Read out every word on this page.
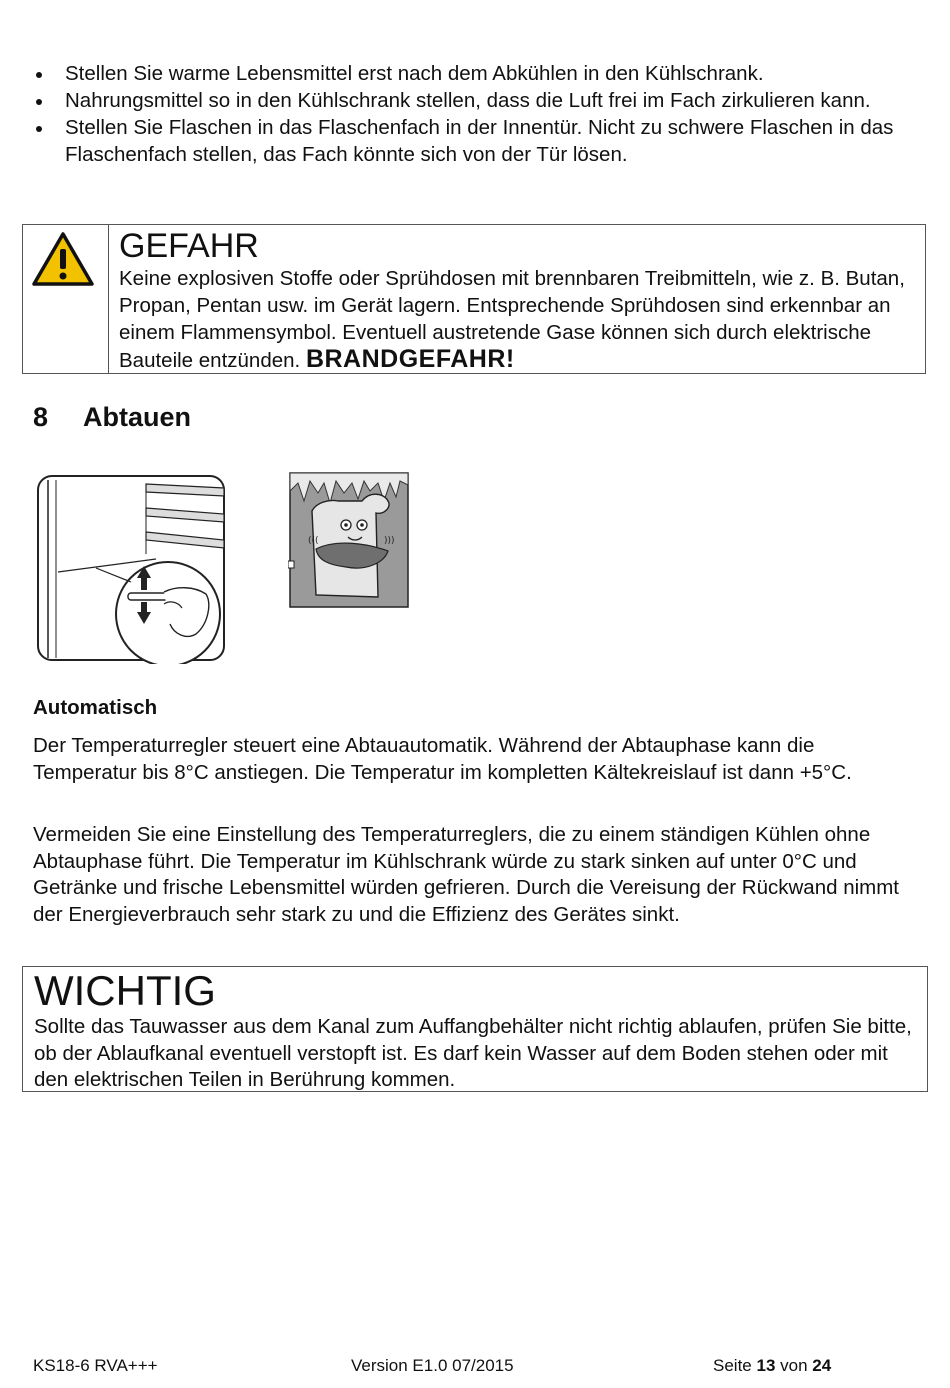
Stellen Sie warme Lebensmittel erst nach dem Abkühlen in den Kühlschrank.
Nahrungsmittel so in den Kühlschrank stellen, dass die Luft frei im Fach zirkulieren kann.
Stellen Sie Flaschen in das Flaschenfach in der Innentür. Nicht zu schwere Flaschen in das Flaschenfach stellen, das Fach könnte sich von der Tür lösen.
GEFAHR
Keine explosiven Stoffe oder Sprühdosen mit brennbaren Treibmitteln, wie z. B. Butan, Propan, Pentan usw. im Gerät lagern. Entsprechende Sprühdosen sind erkennbar an einem Flammensymbol. Eventuell austretende Gase können sich durch elektrische Bauteile entzünden. BRANDGEFAHR!
8 Abtauen
(((	)))
Automatisch

Der Temperaturregler steuert eine Abtauautomatik. Während der Abtauphase kann die Temperatur bis 8°C anstiegen. Die Temperatur im kompletten Kältekreislauf ist dann +5°C.

Vermeiden Sie eine Einstellung des Temperaturreglers, die zu einem ständigen Kühlen ohne Abtauphase führt. Die Temperatur im Kühlschrank würde zu stark sinken auf unter 0°C und Getränke und frische Lebensmittel würden gefrieren. Durch die Vereisung der Rückwand nimmt der Energieverbrauch sehr stark zu und die Effizienz des Gerätes sinkt.

WICHTIG
Sollte das Tauwasser aus dem Kanal zum Auffangbehälter nicht richtig ablaufen, prüfen Sie bitte, ob der Ablaufkanal eventuell verstopft ist. Es darf kein Wasser auf dem Boden stehen oder mit den elektrischen Teilen in Berührung kommen.
KS18-6 RVA+++	Version E1.0 07/2015	Seite 13 von 24
